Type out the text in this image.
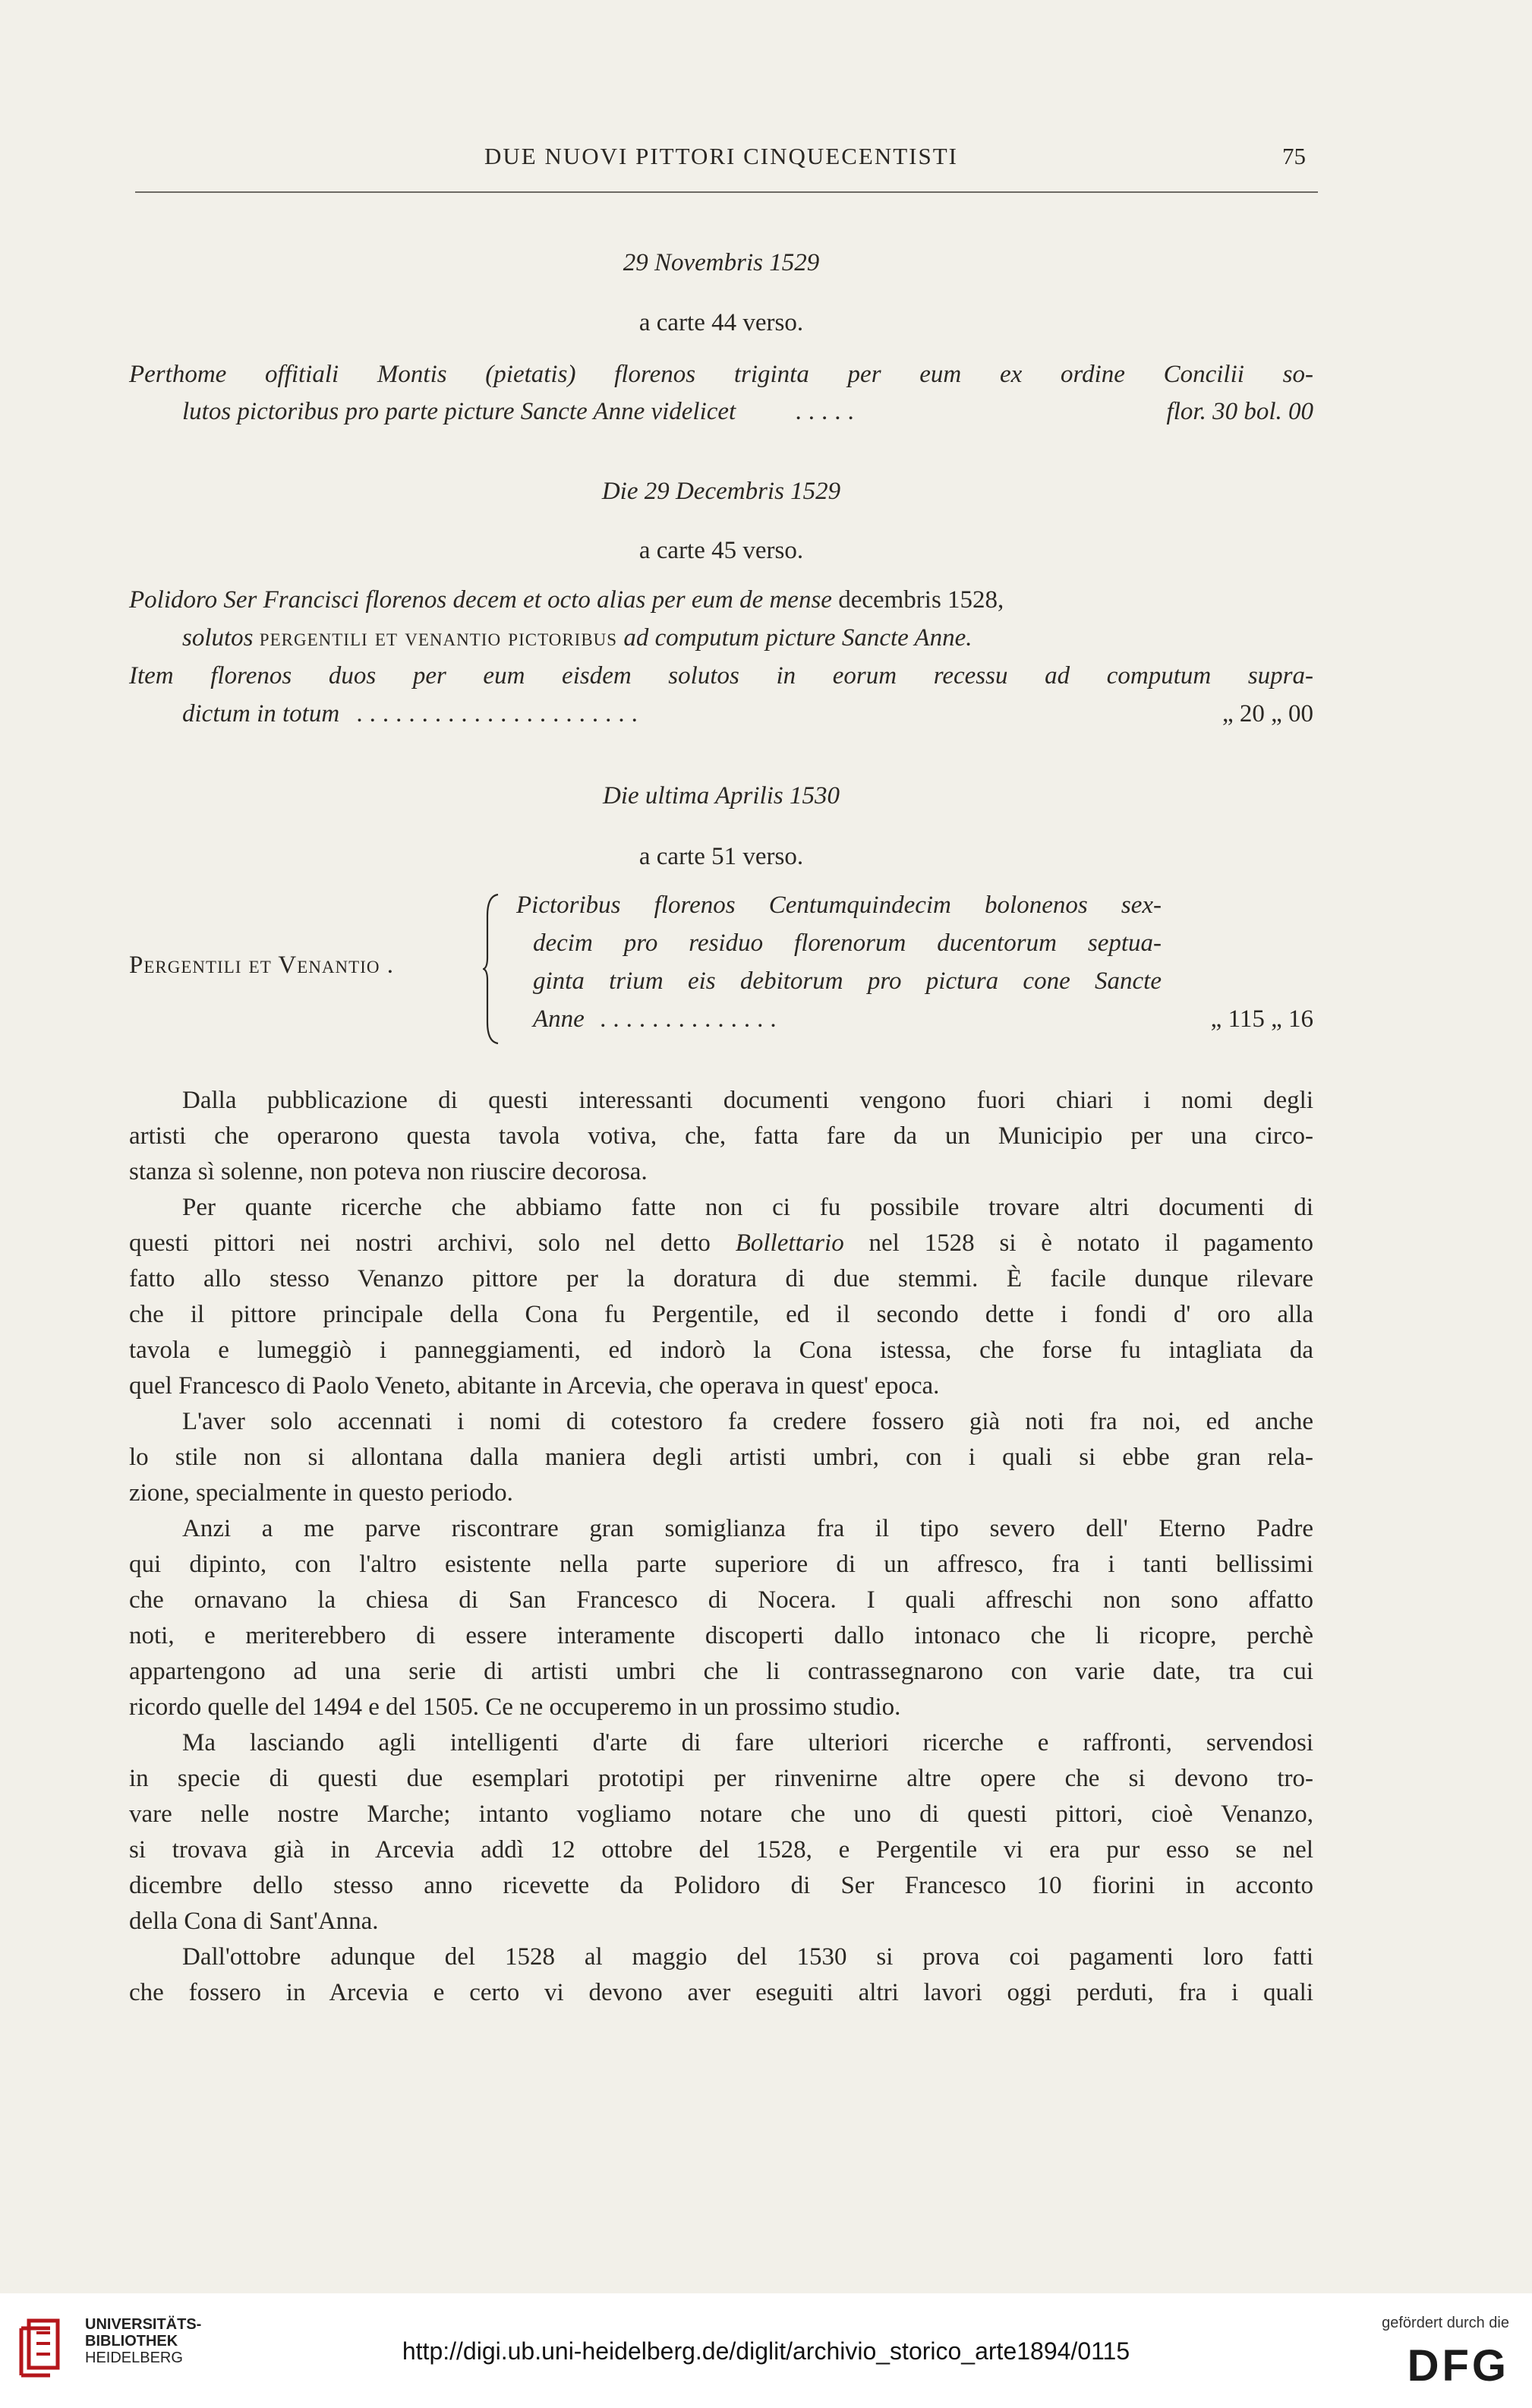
DUE NUOVI PITTORI CINQUECENTISTI	75
29 Novembris 1529
a carte 44 verso.
Perthome offitiali Montis (pietatis) florenos triginta per eum ex ordine Concilii so-
lutos pictoribus pro parte picture Sancte Anne videlicet .....	flor. 30 bol. 00
Die 29 Decembris 1529
a carte 45 verso.
Polidoro Ser Francisci florenos decem et octo alias per eum de mense decembris 1528,
solutos pergentili et venantio pictoribus ad computum picture Sancte Anne.
Item florenos duos per eum eisdem solutos in eorum recessu ad computum supra-
dictum in totum ......................	„ 20 „ 00
Die ultima Aprilis 1530
a carte 51 verso.
Pergentili et Venantio .
Pictoribus florenos Centumquindecim bolonenos sex-
decim pro residuo florenorum ducentorum septua-
ginta trium eis debitorum pro pictura cone Sancte
Anne ..............	„ 115 „ 16
Dalla pubblicazione di questi interessanti documenti vengono fuori chiari i nomi degli
artisti che operarono questa tavola votiva, che, fatta fare da un Municipio per una circo-
stanza sì solenne, non poteva non riuscire decorosa.
Per quante ricerche che abbiamo fatte non ci fu possibile trovare altri documenti di
questi pittori nei nostri archivi, solo nel detto Bollettario nel 1528 si è notato il pagamento
fatto allo stesso Venanzo pittore per la doratura di due stemmi. È facile dunque rilevare
che il pittore principale della Cona fu Pergentile, ed il secondo dette i fondi d' oro alla
tavola e lumeggiò i panneggiamenti, ed indorò la Cona istessa, che forse fu intagliata da
quel Francesco di Paolo Veneto, abitante in Arcevia, che operava in quest' epoca.
L'aver solo accennati i nomi di cotestoro fa credere fossero già noti fra noi, ed anche
lo stile non si allontana dalla maniera degli artisti umbri, con i quali si ebbe gran rela-
zione, specialmente in questo periodo.
Anzi a me parve riscontrare gran somiglianza fra il tipo severo dell' Eterno Padre
qui dipinto, con l'altro esistente nella parte superiore di un affresco, fra i tanti bellissimi
che ornavano la chiesa di San Francesco di Nocera. I quali affreschi non sono affatto
noti, e meriterebbero di essere interamente discoperti dallo intonaco che li ricopre, perchè
appartengono ad una serie di artisti umbri che li contrassegnarono con varie date, tra cui
ricordo quelle del 1494 e del 1505. Ce ne occuperemo in un prossimo studio.
Ma lasciando agli intelligenti d'arte di fare ulteriori ricerche e raffronti, servendosi
in specie di questi due esemplari prototipi per rinvenirne altre opere che si devono tro-
vare nelle nostre Marche; intanto vogliamo notare che uno di questi pittori, cioè Venanzo,
si trovava già in Arcevia addì 12 ottobre del 1528, e Pergentile vi era pur esso se nel
dicembre dello stesso anno ricevette da Polidoro di Ser Francesco 10 fiorini in acconto
della Cona di Sant'Anna.
Dall'ottobre adunque del 1528 al maggio del 1530 si prova coi pagamenti loro fatti
che fossero in Arcevia e certo vi devono aver eseguiti altri lavori oggi perduti, fra i quali
UNIVERSITÄTS-
BIBLIOTHEK
HEIDELBERG	http://digi.ub.uni-heidelberg.de/diglit/archivio_storico_arte1894/0115
gefördert durch die
DFG
